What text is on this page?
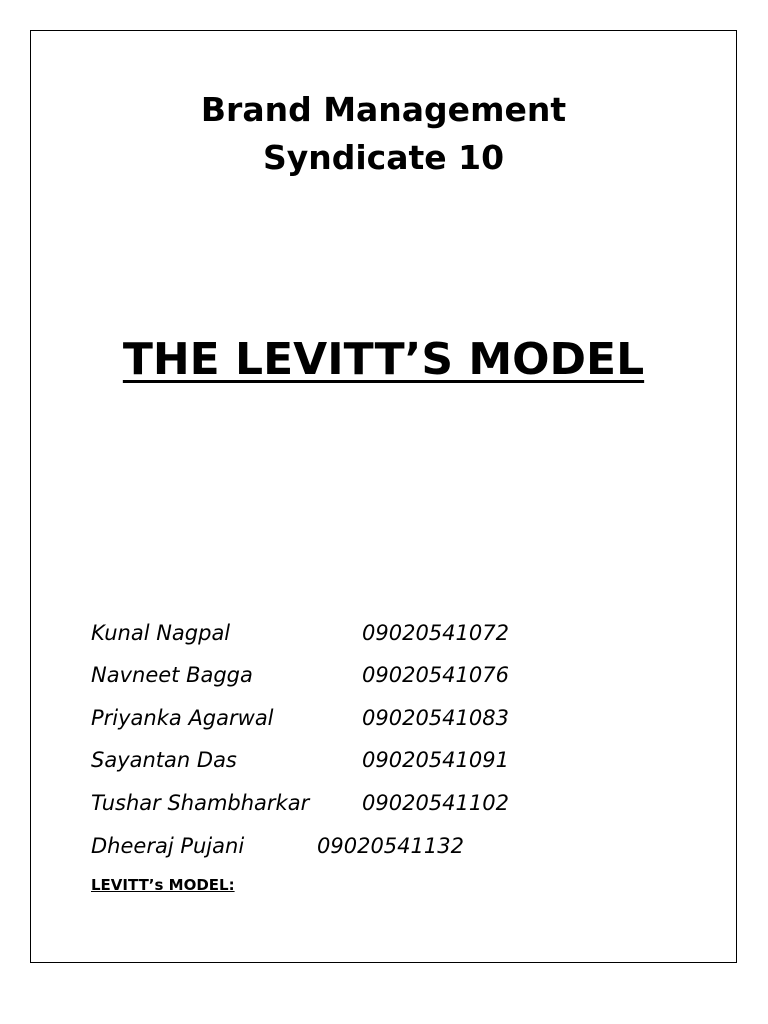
Brand Management
Syndicate 10
THE LEVITT’S MODEL
Kunal Nagpal	09020541072
Navneet Bagga	09020541076
Priyanka Agarwal	09020541083
Sayantan Das	09020541091
Tushar Shambharkar	09020541102
Dheeraj Pujani	09020541132
LEVITT’s MODEL:
